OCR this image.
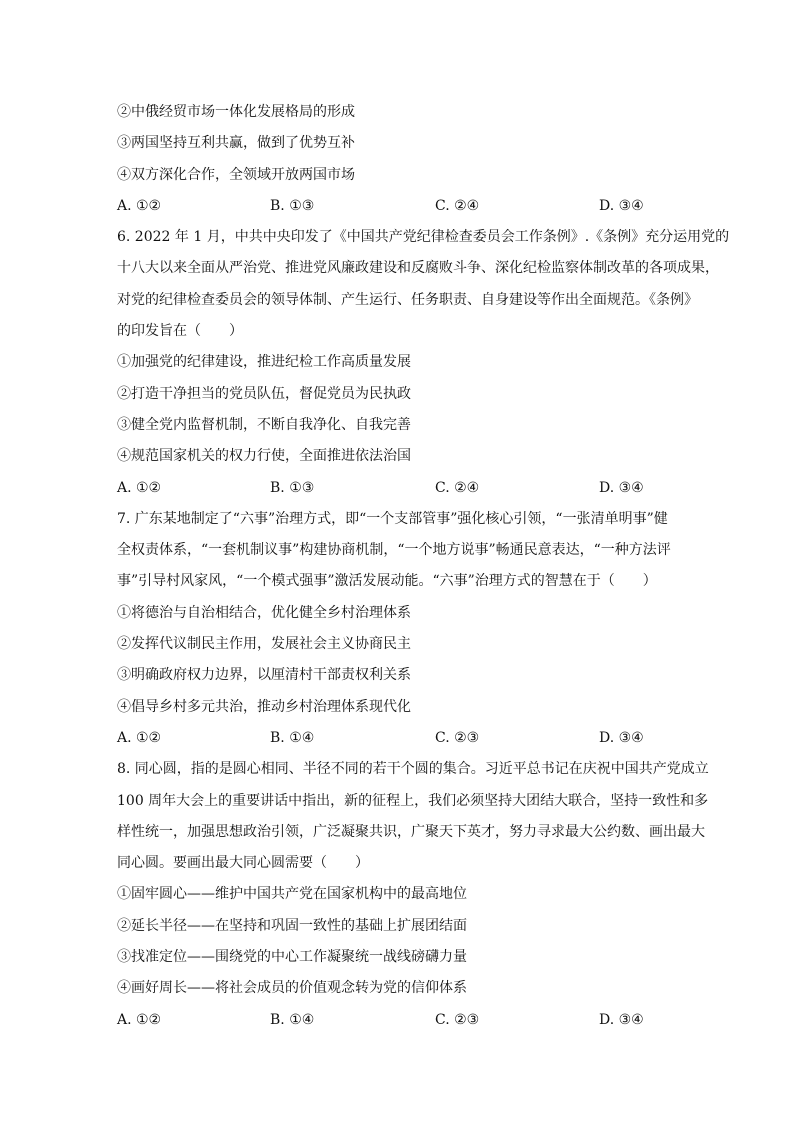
②中俄经贸市场一体化发展格局的形成
③两国坚持互利共赢，做到了优势互补
④双方深化合作，全领域开放两国市场
A. ①②	B. ①③	C. ②④	D. ③④
6. 2022 年 1 月，中共中央印发了《中国共产党纪律检查委员会工作条例》.《条例》充分运用党的
十八大以来全面从严治党、推进党风廉政建设和反腐败斗争、深化纪检监察体制改革的各项成果，
对党的纪律检查委员会的领导体制、产生运行、任务职责、自身建设等作出全面规范。《条例》
的印发旨在（　　）
①加强党的纪律建设，推进纪检工作高质量发展
②打造干净担当的党员队伍，督促党员为民执政
③健全党内监督机制，不断自我净化、自我完善
④规范国家机关的权力行使，全面推进依法治国
A. ①②	B. ①③	C. ②④	D. ③④
7. 广东某地制定了“六事”治理方式，即“一个支部管事”强化核心引领，“一张清单明事”健
全权责体系，“一套机制议事”构建协商机制，“一个地方说事”畅通民意表达，“一种方法评
事”引导村风家风，“一个模式强事”激活发展动能。“六事”治理方式的智慧在于（　　）
①将德治与自治相结合，优化健全乡村治理体系
②发挥代议制民主作用，发展社会主义协商民主
③明确政府权力边界，以厘清村干部责权利关系
④倡导乡村多元共治，推动乡村治理体系现代化
A. ①②	B. ①④	C. ②③	D. ③④
8. 同心圆，指的是圆心相同、半径不同的若干个圆的集合。习近平总书记在庆祝中国共产党成立
100 周年大会上的重要讲话中指出，新的征程上，我们必须坚持大团结大联合，坚持一致性和多
样性统一，加强思想政治引领，广泛凝聚共识，广聚天下英才，努力寻求最大公约数、画出最大
同心圆。要画出最大同心圆需要（　　）
①固牢圆心——维护中国共产党在国家机构中的最高地位
②延长半径——在坚持和巩固一致性的基础上扩展团结面
③找准定位——围绕党的中心工作凝聚统一战线磅礴力量
④画好周长——将社会成员的价值观念转为党的信仰体系
A. ①②	B. ①④	C. ②③	D. ③④
